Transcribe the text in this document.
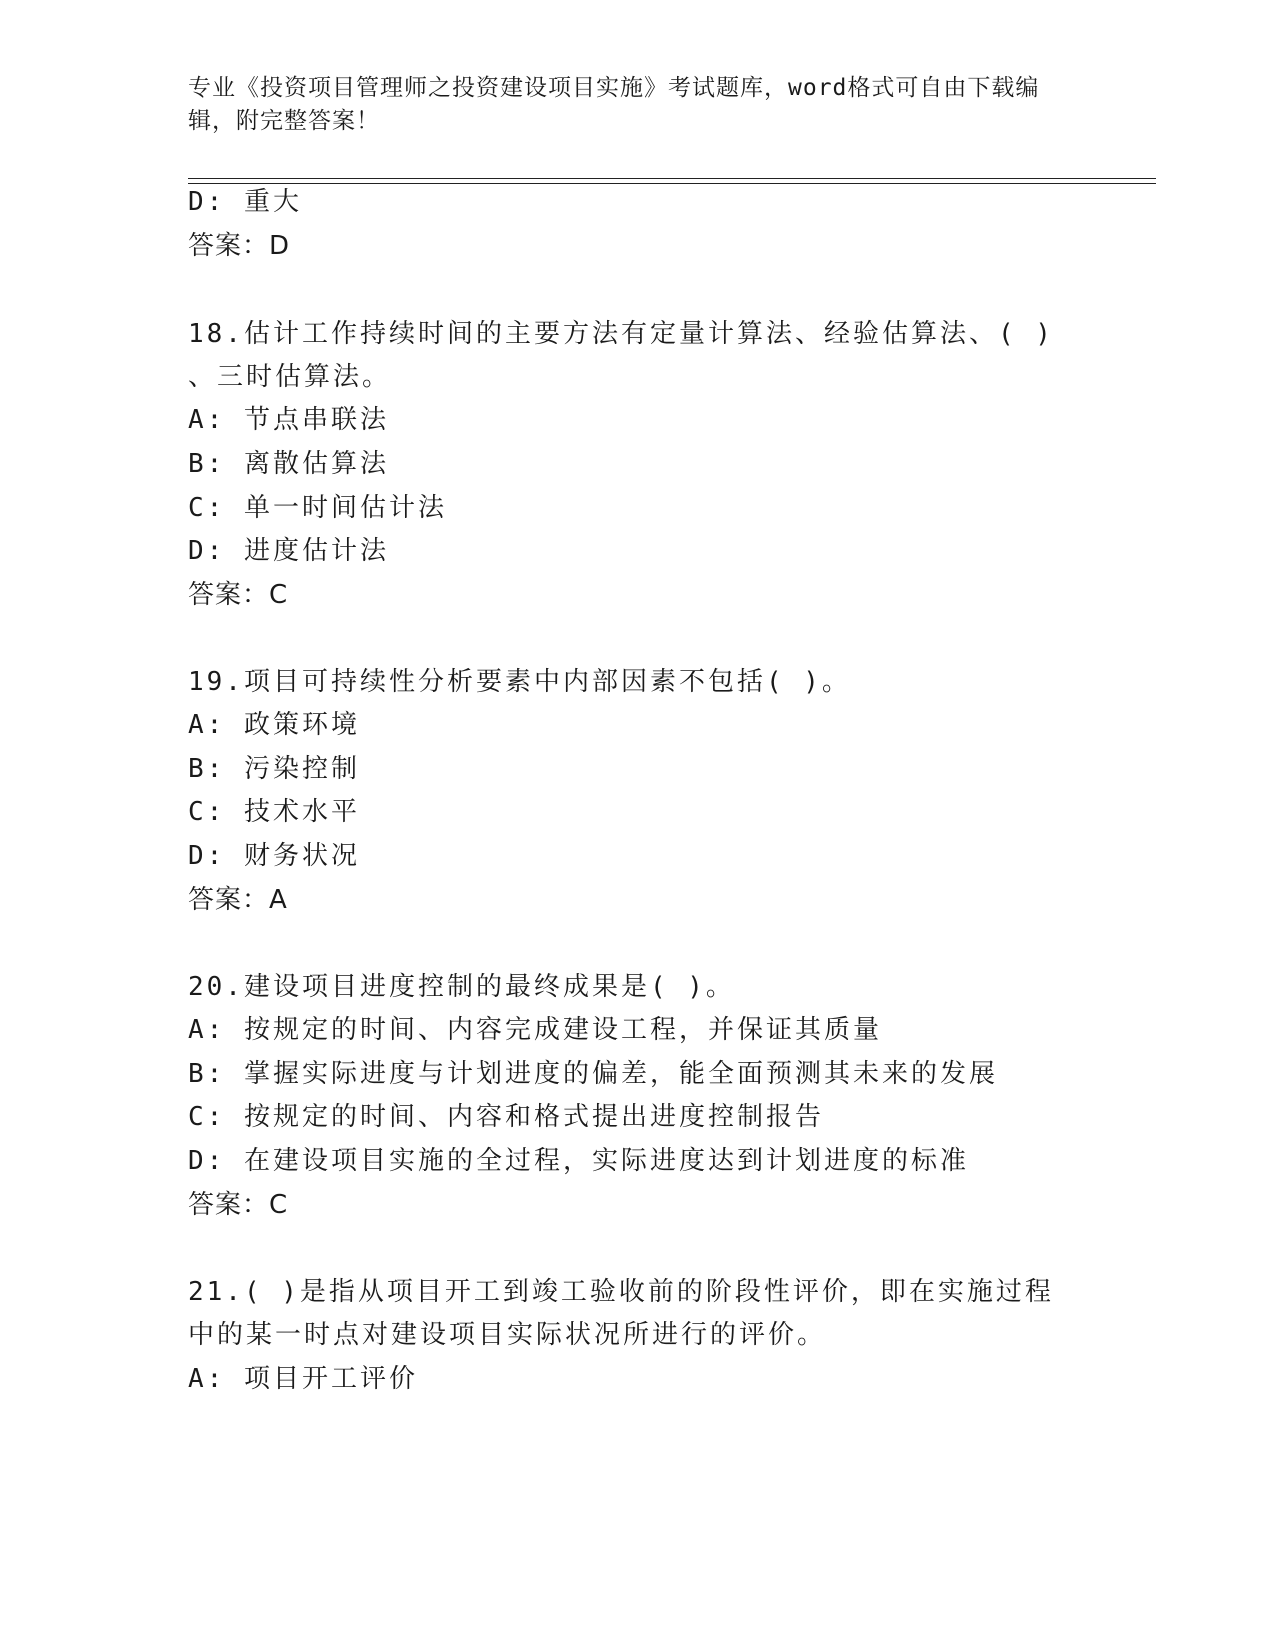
专业《投资项目管理师之投资建设项目实施》考试题库，word格式可自由下载编
辑，附完整答案！
D: 重大
答案：D
18.估计工作持续时间的主要方法有定量计算法、经验估算法、( )
、三时估算法。
A: 节点串联法
B: 离散估算法
C: 单一时间估计法
D: 进度估计法
答案：C
19.项目可持续性分析要素中内部因素不包括( )。
A: 政策环境
B: 污染控制
C: 技术水平
D: 财务状况
答案：A
20.建设项目进度控制的最终成果是( )。
A: 按规定的时间、内容完成建设工程，并保证其质量
B: 掌握实际进度与计划进度的偏差，能全面预测其未来的发展
C: 按规定的时间、内容和格式提出进度控制报告
D: 在建设项目实施的全过程，实际进度达到计划进度的标准
答案：C
21.( )是指从项目开工到竣工验收前的阶段性评价，即在实施过程
中的某一时点对建设项目实际状况所进行的评价。
A: 项目开工评价
